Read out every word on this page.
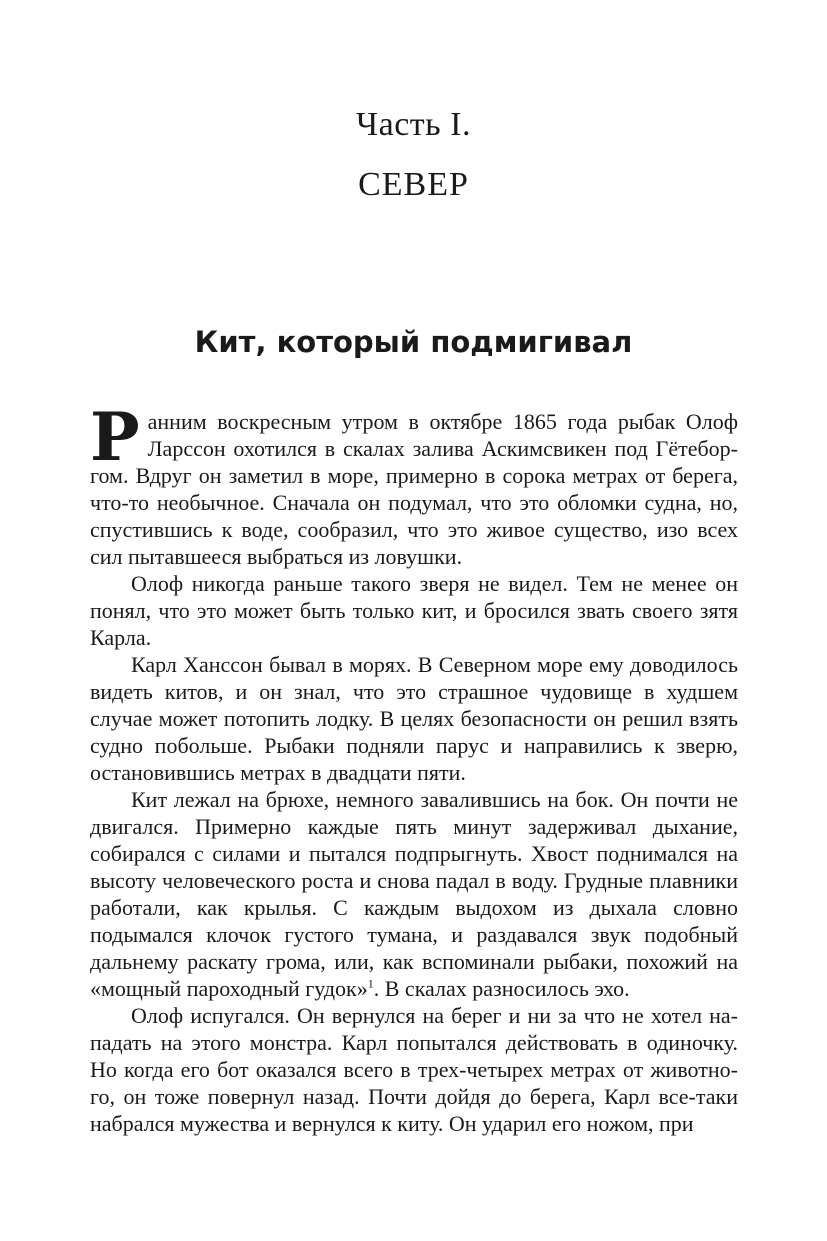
Часть I.
СЕВЕР
Кит, который подмигивал

Ранним воскресным утром в октябре 1865 года рыбак Олоф Ларссон охотился в скалах залива Аскимсвикен под Гётеборгом. Вдруг он заметил в море, примерно в сорока метрах от берега, что-то необычное. Сначала он подумал, что это обломки судна, но, спустившись к воде, сообразил, что это живое существо, изо всех сил пытавшееся выбраться из ловушки.

Олоф никогда раньше такого зверя не видел. Тем не менее он понял, что это может быть только кит, и бросился звать своего зятя Карла.

Карл Ханссон бывал в морях. В Северном море ему доводилось видеть китов, и он знал, что это страшное чудовище в худшем случае может потопить лодку. В целях безопасности он решил взять судно побольше. Рыбаки подняли парус и направились к зверю, остановившись метрах в двадцати пяти.

Кит лежал на брюхе, немного завалившись на бок. Он почти не двигался. Примерно каждые пять минут задерживал дыхание, собирался с силами и пытался подпрыгнуть. Хвост поднимался на высоту человеческого роста и снова падал в воду. Грудные плавники работали, как крылья. С каждым выдохом из дыхала словно подымался клочок густого тумана, и раздавался звук подобный дальнему раскату грома, или, как вспоминали рыбаки, похожий на «мощный пароходный гудок»$^1$. В скалах разносилось эхо.

Олоф испугался. Он вернулся на берег и ни за что не хотел нападать на этого монстра. Карл попытался действовать в одиночку. Но когда его бот оказался всего в трех-четырех метрах от животного, он тоже повернул назад. Почти дойдя до берега, Карл все-таки набрался мужества и вернулся к киту. Он ударил его ножом, при
